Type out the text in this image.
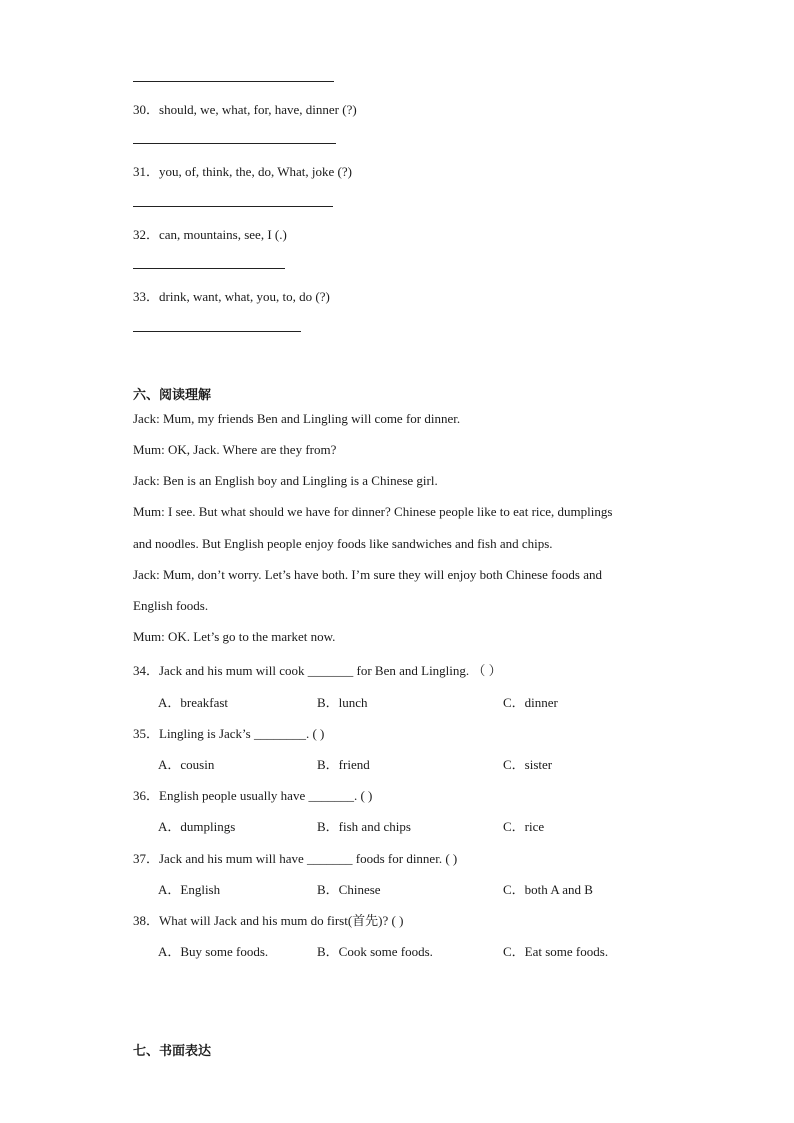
30．should, we, what, for, have, dinner (?)
31．you, of, think, the, do, What, joke (?)
32．can, mountains, see, I (.)
33．drink, want, what, you, to, do (?)
六、阅读理解
Jack: Mum, my friends Ben and Lingling will come for dinner.
Mum: OK, Jack. Where are they from?
Jack: Ben is an English boy and Lingling is a Chinese girl.
Mum: I see. But what should we have for dinner? Chinese people like to eat rice, dumplings
and noodles. But English people enjoy foods like sandwiches and fish and chips.
Jack: Mum, don’t worry. Let’s have both. I’m sure they will enjoy both Chinese foods and
English foods.
Mum: OK. Let’s go to the market now.
34．Jack and his mum will cook _______ for Ben and Lingling. （ ）
A．breakfast	B．lunch	C．dinner
35．Lingling is Jack’s ________. ( )
A．cousin	B．friend	C．sister
36．English people usually have _______. ( )
A．dumplings	B．fish and chips	C．rice
37．Jack and his mum will have _______ foods for dinner. ( )
A．English	B．Chinese	C．both A and B
38．What will Jack and his mum do first(首先)? ( )
A．Buy some foods.	B．Cook some foods.	C．Eat some foods.
七、书面表达
